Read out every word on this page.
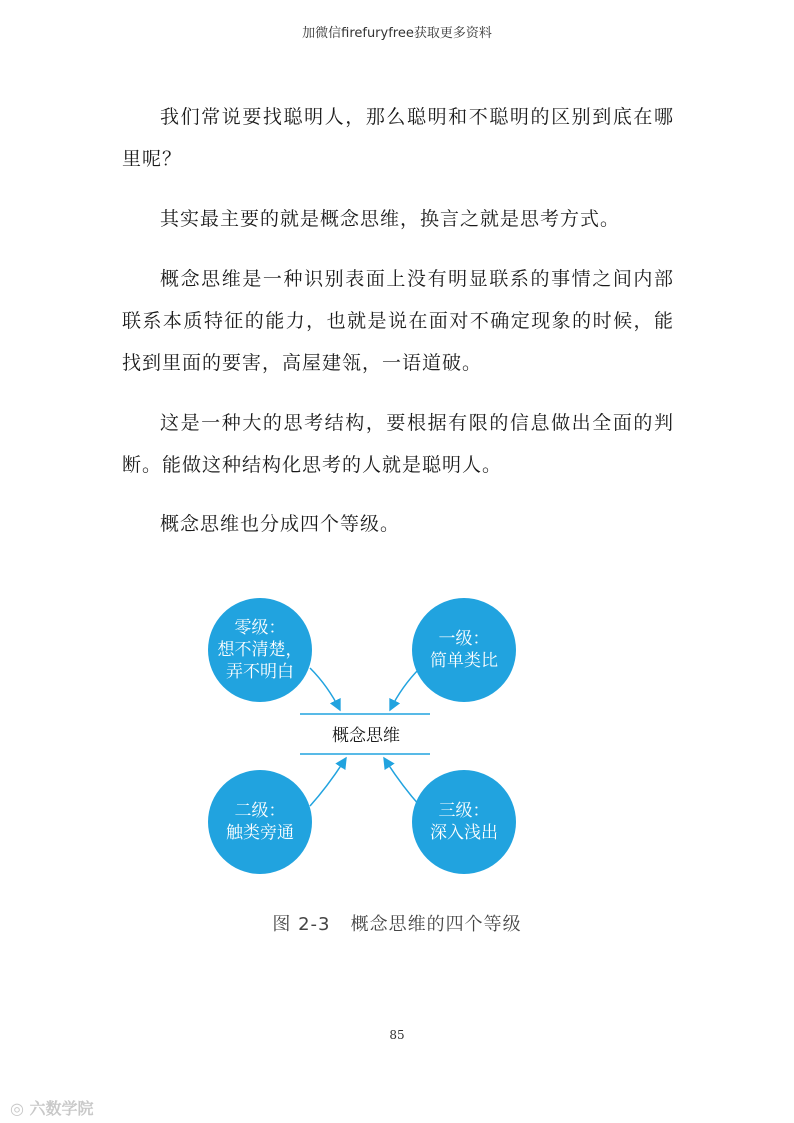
加微信firefuryfree获取更多资料
我们常说要找聪明人，那么聪明和不聪明的区别到底在哪里呢？
其实最主要的就是概念思维，换言之就是思考方式。
概念思维是一种识别表面上没有明显联系的事情之间内部联系本质特征的能力，也就是说在面对不确定现象的时候，能找到里面的要害，高屋建瓴，一语道破。
这是一种大的思考结构，要根据有限的信息做出全面的判断。能做这种结构化思考的人就是聪明人。
概念思维也分成四个等级。
零级：
想不清楚，
弄不明白
一级：
简单类比
二级：
触类旁通
三级：
深入浅出
概念思维
图 2-3   概念思维的四个等级
85
◎ 六数学院
